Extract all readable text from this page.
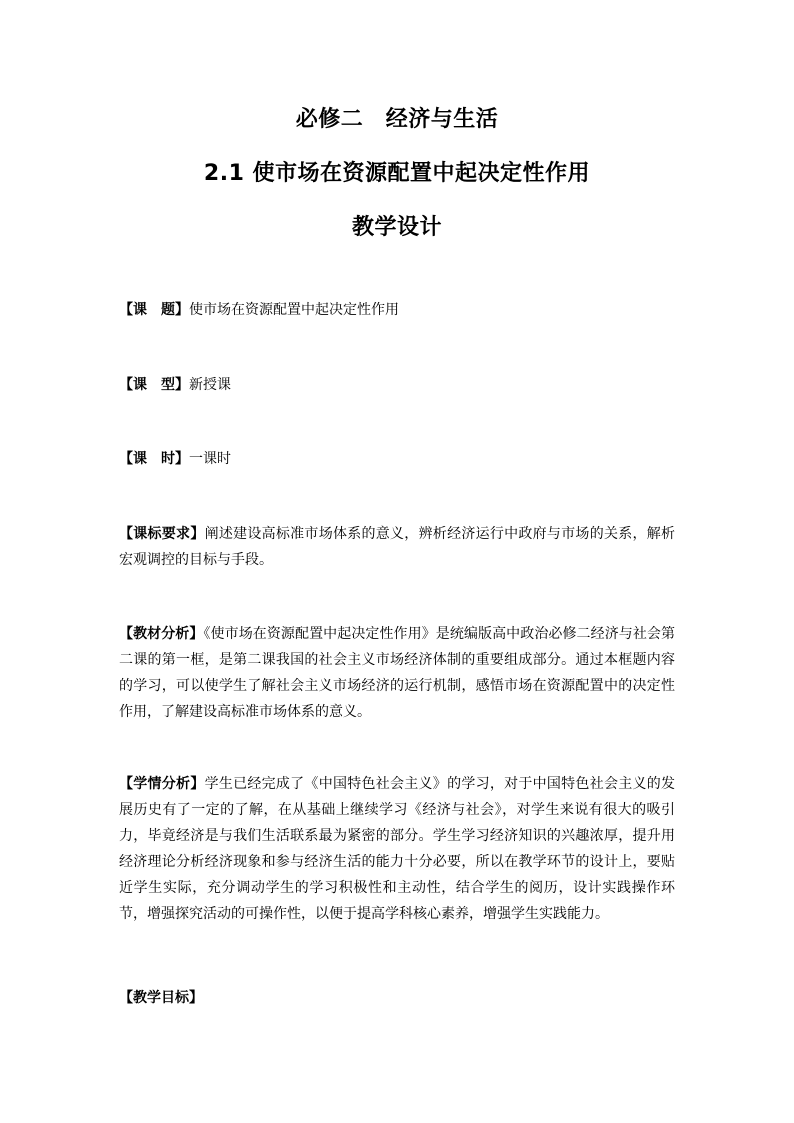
必修二　经济与生活
2.1 使市场在资源配置中起决定性作用
教学设计

【课　题】使市场在资源配置中起决定性作用

【课　型】新授课

【课　时】一课时

【课标要求】阐述建设高标准市场体系的意义，辨析经济运行中政府与市场的关系，解析宏观调控的目标与手段。

【教材分析】《使市场在资源配置中起决定性作用》是统编版高中政治必修二经济与社会第二课的第一框，是第二课我国的社会主义市场经济体制的重要组成部分。通过本框题内容的学习，可以使学生了解社会主义市场经济的运行机制，感悟市场在资源配置中的决定性作用，了解建设高标准市场体系的意义。

【学情分析】学生已经完成了《中国特色社会主义》的学习，对于中国特色社会主义的发展历史有了一定的了解，在从基础上继续学习《经济与社会》，对学生来说有很大的吸引力，毕竟经济是与我们生活联系最为紧密的部分。学生学习经济知识的兴趣浓厚，提升用经济理论分析经济现象和参与经济生活的能力十分必要，所以在教学环节的设计上，要贴近学生实际，充分调动学生的学习积极性和主动性，结合学生的阅历，设计实践操作环节，增强探究活动的可操作性，以便于提高学科核心素养，增强学生实践能力。

【教学目标】
